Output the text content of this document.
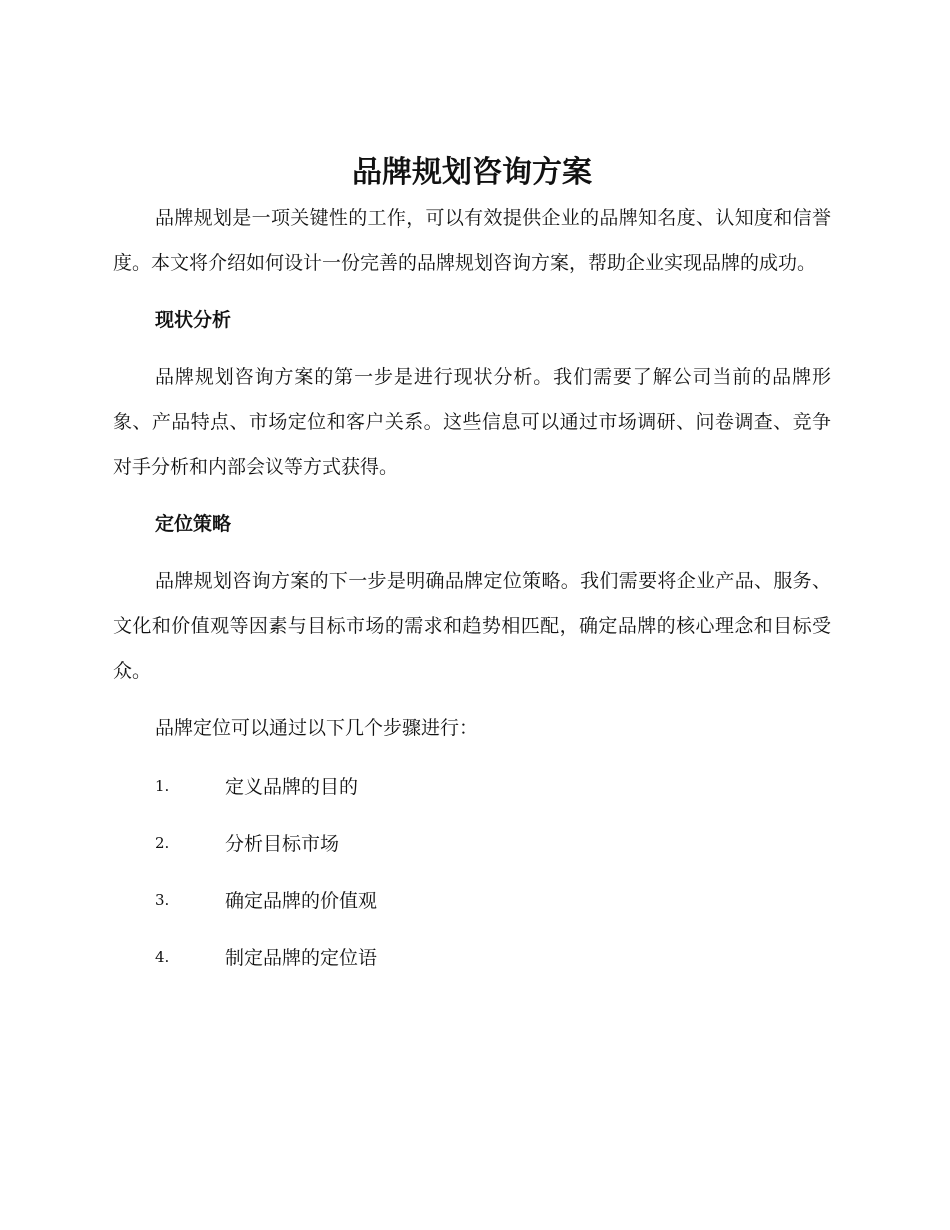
品牌规划咨询方案

品牌规划是一项关键性的工作，可以有效提供企业的品牌知名度、认知度和信誉度。本文将介绍如何设计一份完善的品牌规划咨询方案，帮助企业实现品牌的成功。

现状分析

品牌规划咨询方案的第一步是进行现状分析。我们需要了解公司当前的品牌形象、产品特点、市场定位和客户关系。这些信息可以通过市场调研、问卷调查、竞争对手分析和内部会议等方式获得。

定位策略

品牌规划咨询方案的下一步是明确品牌定位策略。我们需要将企业产品、服务、文化和价值观等因素与目标市场的需求和趋势相匹配，确定品牌的核心理念和目标受众。

品牌定位可以通过以下几个步骤进行：

1.	定义品牌的目的
2.	分析目标市场
3.	确定品牌的价值观
4.	制定品牌的定位语
